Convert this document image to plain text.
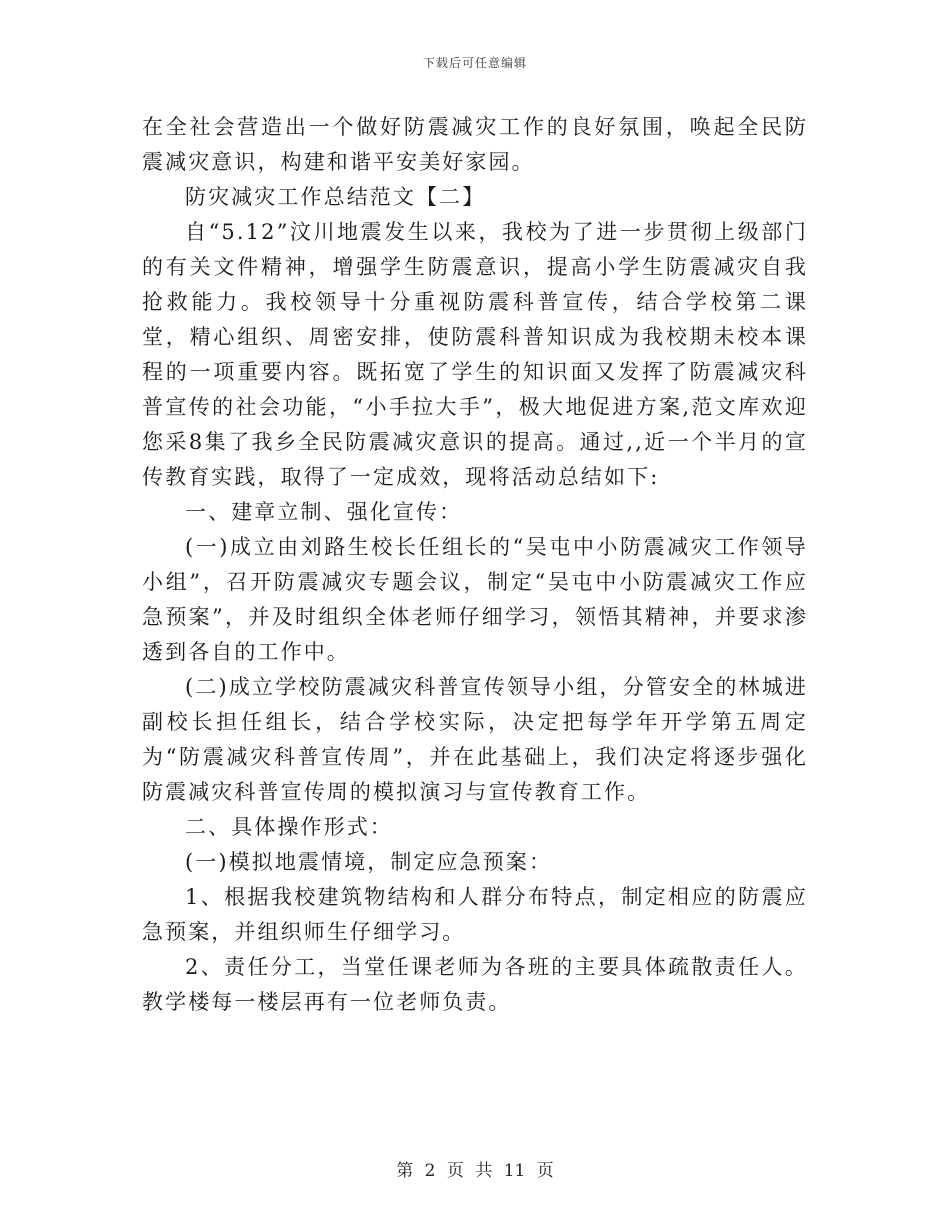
下载后可任意编辑

在全社会营造出一个做好防震减灾工作的良好氛围，唤起全民防震减灾意识，构建和谐平安美好家园。

防灾减灾工作总结范文【二】

自“5.12”汶川地震发生以来，我校为了进一步贯彻上级部门的有关文件精神，增强学生防震意识，提高小学生防震减灾自我抢救能力。我校领导十分重视防震科普宣传，结合学校第二课堂，精心组织、周密安排，使防震科普知识成为我校期未校本课程的一项重要内容。既拓宽了学生的知识面又发挥了防震减灾科普宣传的社会功能，“小手拉大手”，极大地促进方案,范文库欢迎您采8集了我乡全民防震减灾意识的提高。通过,,近一个半月的宣传教育实践，取得了一定成效，现将活动总结如下:

一、建章立制、强化宣传：

(一)成立由刘路生校长任组长的“吴屯中小防震减灾工作领导小组”，召开防震减灾专题会议，制定“吴屯中小防震减灾工作应急预案”，并及时组织全体老师仔细学习，领悟其精神，并要求渗透到各自的工作中。

(二)成立学校防震减灾科普宣传领导小组，分管安全的林城进副校长担任组长，结合学校实际，决定把每学年开学第五周定为“防震减灾科普宣传周”，并在此基础上，我们决定将逐步强化防震减灾科普宣传周的模拟演习与宣传教育工作。

二、具体操作形式：

(一)模拟地震情境，制定应急预案：

1、根据我校建筑物结构和人群分布特点，制定相应的防震应急预案，并组织师生仔细学习。

2、责任分工，当堂任课老师为各班的主要具体疏散责任人。教学楼每一楼层再有一位老师负责。

第 2 页 共 11 页
